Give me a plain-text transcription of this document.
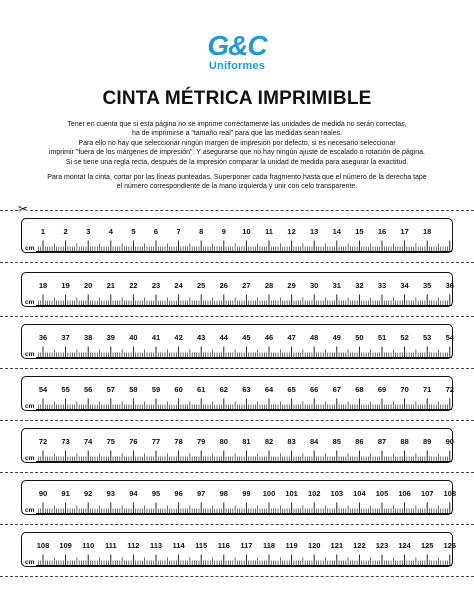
G&C
Uniformes
CINTA MÉTRICA IMPRIMIBLE

Tener en cuenta que si esta página no se imprime correctamente las unidades de medida no serán correctas,

ha de imprimirse a “tamaño real” para que las medidas sean reales.

Para ello no hay que seleccionar ningún margen de impresión por defecto, si es necesario seleccionar

imprimir "fuera de los márgenes de impresión". Y asegurarse que no hay ningún ajuste de escalado o rotación de página.

Si se tiene una regla recta, después de la impresión comparar la unidad de medida para asegurar la exactitud.

Para montar la cinta, cortar por las líneas punteadas. Superponer cada fragmento hasta que el número de la derecha tape

el número correspondiente de la mano izquierda y unir con celo transparente.

1 2 3 4 5 6 7 8 9 10 11 12 13 14 15 16 17 18
cm
18 19 20 21 22 23 24 25 26 27 28 29 30 31 32 33 34 35 36
cm
36 37 38 39 40 41 42 43 44 45 46 47 48 49 50 51 52 53 54
cm
54 55 56 57 58 59 60 61 62 63 64 65 66 67 68 69 70 71 72
cm
72 73 74 75 76 77 78 79 80 81 82 83 84 85 86 87 88 89 90
cm
90 91 92 93 94 95 96 97 98 99 100 101 102 103 104 105 106 107 108
cm
108 109 110 111 112 113 114 115 116 117 118 119 120 121 122 123 124 125 126
cm
✂
